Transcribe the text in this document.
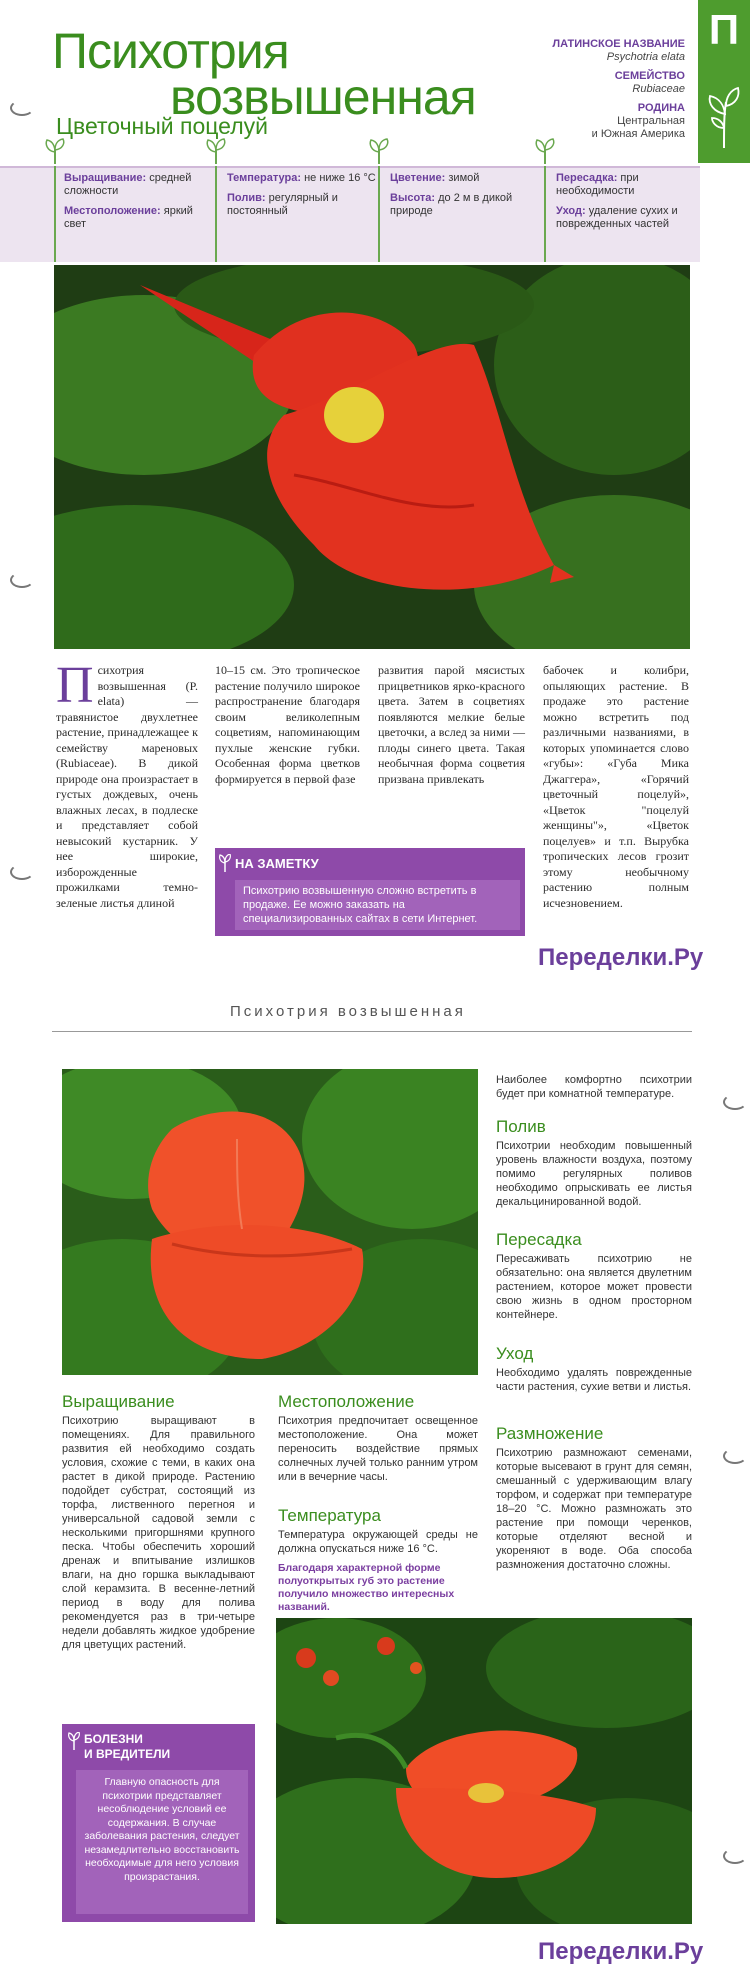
Психотрия
возвышенная
Цветочный поцелуй
ЛАТИНСКОЕ НАЗВАНИЕ
Psychotria elata
СЕМЕЙСТВО
Rubiaceae
РОДИНА
Центральная
и Южная Америка
П

Выращивание: средней сложности

Местоположение: яркий свет

Температура: не ниже 16 °С

Полив: регулярный и постоянный

Цветение: зимой

Высота: до 2 м в дикой природе

Пересадка: при необходимости

Уход: удаление сухих и поврежденных частей

Психотрия возвышенная (P. elata) — травянистое двухлетнее растение, принадлежащее к семейству мареновых (Rubiaceae). В дикой природе она произрастает в густых дождевых, очень влажных лесах, в подлеске и представляет собой невысокий кустарник. У нее широкие, изборожденные прожилками темно-зеленые листья длиной
10–15 см. Это тропическое растение получило широкое распространение благодаря своим великолепным соцветиям, напоминающим пухлые женские губки. Особенная форма цветков формируется в первой фазе
развития парой мясистых прицветников ярко-красного цвета. Затем в соцветиях появляются мелкие белые цветочки, а вслед за ними — плоды синего цвета. Такая необычная форма соцветия призвана привлекать
бабочек и колибри, опыляющих растение. В продаже это растение можно встретить под различными названиями, в которых упоминается слово «губы»: «Губа Мика Джаггера», «Горячий цветочный поцелуй», «Цветок "поцелуй женщины"», «Цветок поцелуев» и т.п. Вырубка тропических лесов грозит этому необычному растению полным исчезновением.
НА ЗАМЕТКУ
Психотрию возвышенную сложно встретить в продаже. Ее можно заказать на специализированных сайтах в сети Интернет.
Переделки.Ру
Психотрия возвышенная
Наиболее комфортно психотрии будет при комнатной температуре.
Полив
Психотрии необходим повышенный уровень влажности воздуха, поэтому помимо регулярных поливов необходимо опрыскивать ее листья декальцинированной водой.
Пересадка
Пересаживать психотрию не обязательно: она является двулетним растением, которое может провести свою жизнь в одном просторном контейнере.
Уход
Необходимо удалять поврежденные части растения, сухие ветви и листья.
Размножение
Психотрию размножают семенами, которые высевают в грунт для семян, смешанный с удерживающим влагу торфом, и содержат при температуре 18–20 °С. Можно размножать это растение при помощи черенков, которые отделяют весной и укореняют в воде. Оба способа размножения достаточно сложны.
Выращивание
Психотрию выращивают в помещениях. Для правильного развития ей необходимо создать условия, схожие с теми, в каких она растет в дикой природе. Растению подойдет субстрат, состоящий из торфа, лиственного перегноя и универсальной садовой земли с несколькими пригоршнями крупного песка. Чтобы обеспечить хороший дренаж и впитывание излишков влаги, на дно горшка выкладывают слой керамзита. В весенне-летний период в воду для полива рекомендуется раз в три-четыре недели добавлять жидкое удобрение для цветущих растений.
Местоположение
Психотрия предпочитает освещенное местоположение. Она может переносить воздействие прямых солнечных лучей только ранним утром или в вечерние часы.
Температура
Температура окружающей среды не должна опускаться ниже 16 °С.
Благодаря характерной форме полуоткрытых губ это растение получило множество интересных названий.
БОЛЕЗНИ
И ВРЕДИТЕЛИ
Главную опасность для психотрии представляет несоблюдение условий ее содержания. В случае заболевания растения, следует незамедлительно восстановить необходимые для него условия произрастания.
Переделки.Ру
